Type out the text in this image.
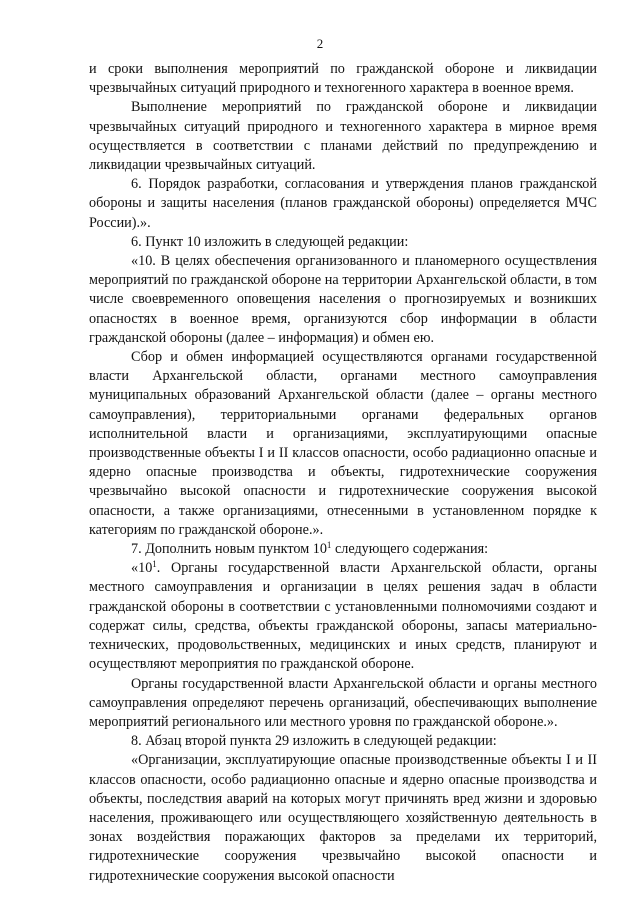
2

и сроки выполнения мероприятий по гражданской обороне и ликвидации чрезвычайных ситуаций природного и техногенного характера в военное время.

Выполнение мероприятий по гражданской обороне и ликвидации чрезвычайных ситуаций природного и техногенного характера в мирное время осуществляется в соответствии с планами действий по предупреждению и ликвидации чрезвычайных ситуаций.

6. Порядок разработки, согласования и утверждения планов гражданской обороны и защиты населения (планов гражданской обороны) определяется МЧС России).».

6. Пункт 10 изложить в следующей редакции:

«10. В целях обеспечения организованного и планомерного осуществления мероприятий по гражданской обороне на территории Архангельской области, в том числе своевременного оповещения населения о прогнозируемых и возникших опасностях в военное время, организуются сбор информации в области гражданской обороны (далее – информация) и обмен ею.

Сбор и обмен информацией осуществляются органами государственной власти Архангельской области, органами местного самоуправления муниципальных образований Архангельской области (далее – органы местного самоуправления), территориальными органами федеральных органов исполнительной власти и организациями, эксплуатирующими опасные производственные объекты I и II классов опасности, особо радиационно опасные и ядерно опасные производства и объекты, гидротехнические сооружения чрезвычайно высокой опасности и гидротехнические сооружения высокой опасности, а также организациями, отнесенными в установленном порядке к категориям по гражданской обороне.».

7. Дополнить новым пунктом $10^1$ следующего содержания:

«$10^1$. Органы государственной власти Архангельской области, органы местного самоуправления и организации в целях решения задач в области гражданской обороны в соответствии с установленными полномочиями создают и содержат силы, средства, объекты гражданской обороны, запасы материально-технических, продовольственных, медицинских и иных средств, планируют и осуществляют мероприятия по гражданской обороне.

Органы государственной власти Архангельской области и органы местного самоуправления определяют перечень организаций, обеспечивающих выполнение мероприятий регионального или местного уровня по гражданской обороне.».

8. Абзац второй пункта 29 изложить в следующей редакции:

«Организации, эксплуатирующие опасные производственные объекты I и II классов опасности, особо радиационно опасные и ядерно опасные производства и объекты, последствия аварий на которых могут причинять вред жизни и здоровью населения, проживающего или осуществляющего хозяйственную деятельность в зонах воздействия поражающих факторов за пределами их территорий, гидротехнические сооружения чрезвычайно высокой опасности и гидротехнические сооружения высокой опасности
